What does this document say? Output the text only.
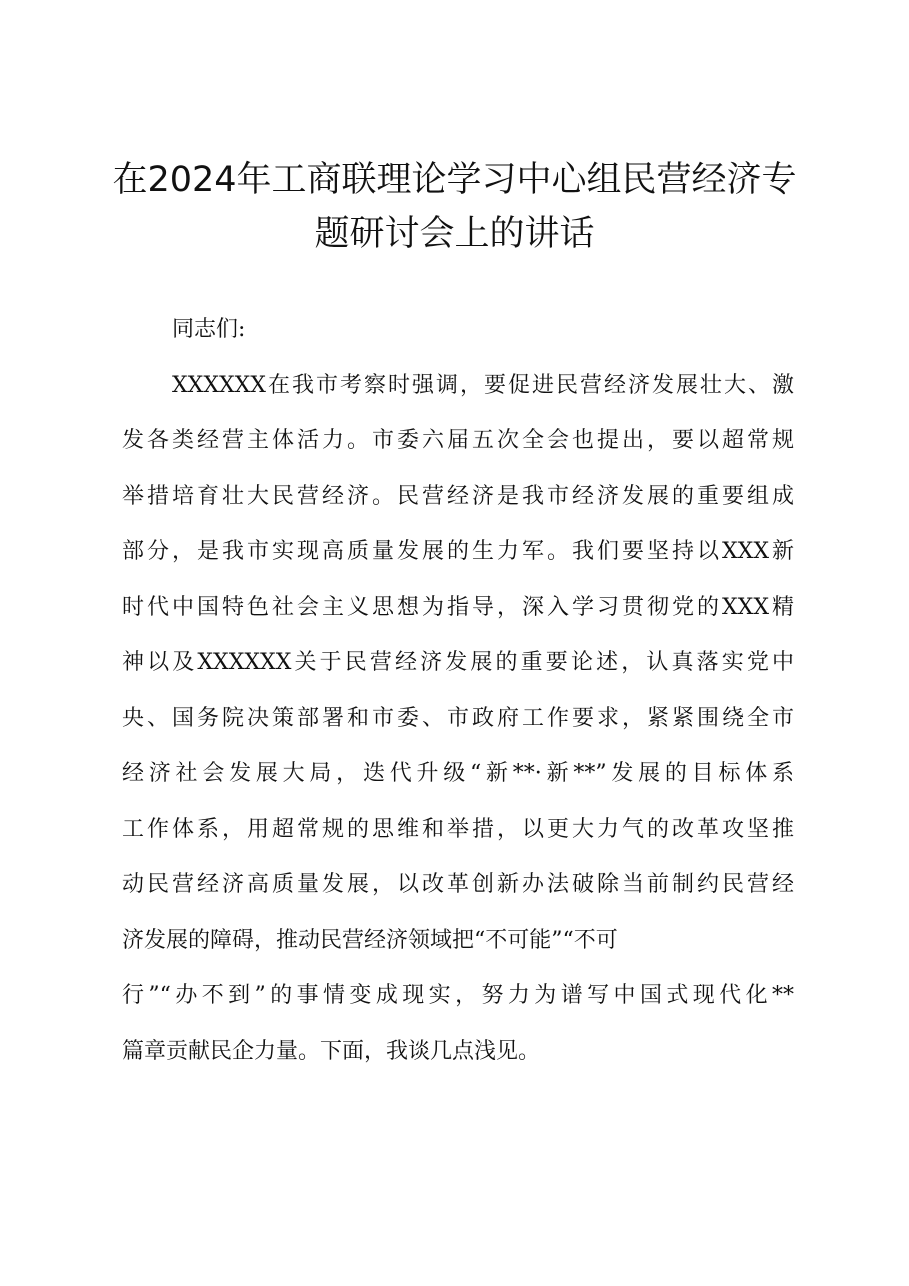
在2024年工商联理论学习中心组民营经济专
题研讨会上的讲话
同志们:
XXXXXX在我市考察时强调，要促进民营经济发展壮大、激
发各类经营主体活力。市委六届五次全会也提出，要以超常规
举措培育壮大民营经济。民营经济是我市经济发展的重要组成
部分，是我市实现高质量发展的生力军。我们要坚持以XXX新
时代中国特色社会主义思想为指导，深入学习贯彻党的XXX精
神以及XXXXXX关于民营经济发展的重要论述，认真落实党中
央、国务院决策部署和市委、市政府工作要求，紧紧围绕全市
经济社会发展大局，迭代升级“新**·新**”发展的目标体系
工作体系，用超常规的思维和举措，以更大力气的改革攻坚推
动民营经济高质量发展，以改革创新办法破除当前制约民营经
济发展的障碍，推动民营经济领域把“不可能”“不可
行”“办不到”的事情变成现实，努力为谱写中国式现代化**
篇章贡献民企力量。下面，我谈几点浅见。
